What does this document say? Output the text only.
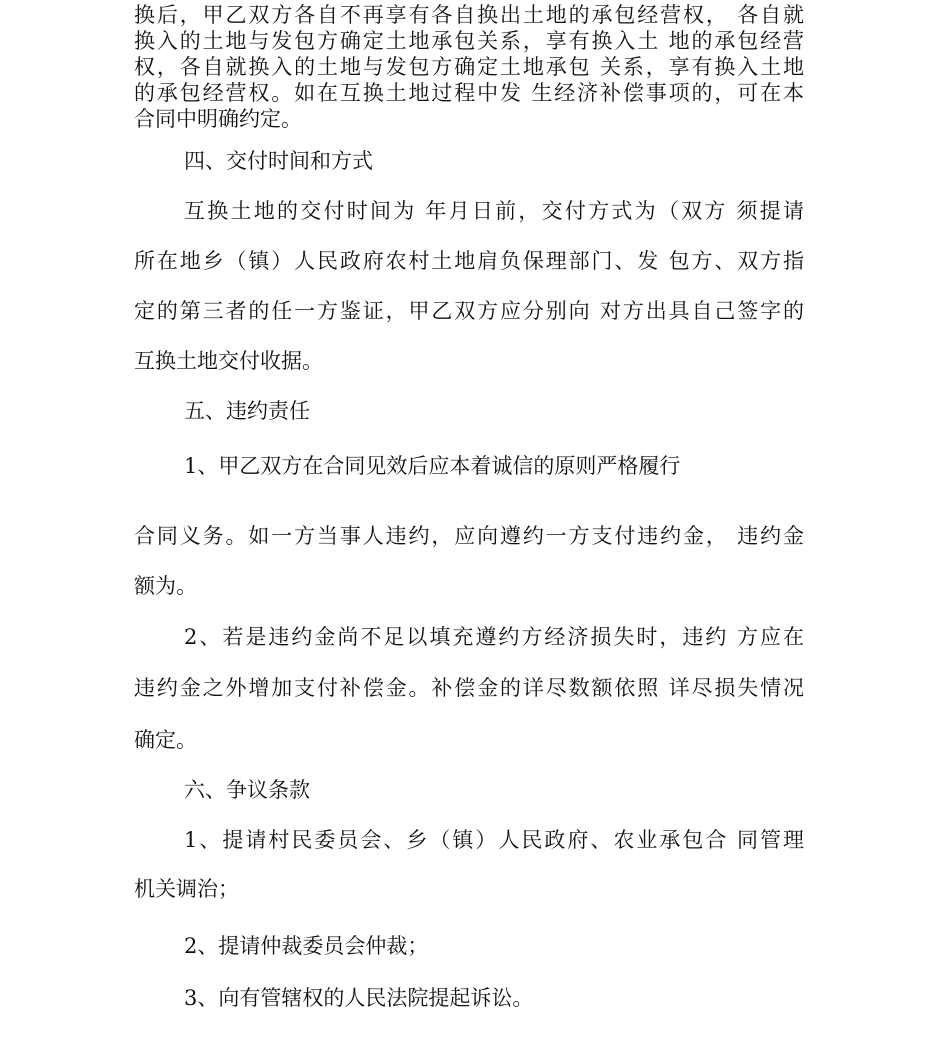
换后，甲乙双方各自不再享有各自换出土地的承包经营权， 各自就
换入的土地与发包方确定土地承包关系，享有换入土 地的承包经营
权，各自就换入的土地与发包方确定土地承包 关系，享有换入土地
的承包经营权。如在互换土地过程中发 生经济补偿事项的，可在本
合同中明确约定。
四、交付时间和方式
互换土地的交付时间为 年月日前，交付方式为（双方 须提请
所在地乡（镇）人民政府农村土地肩负保理部门、发 包方、双方指
定的第三者的任一方鉴证，甲乙双方应分别向 对方出具自己签字的
互换土地交付收据。
五、违约责任
1、甲乙双方在合同见效后应本着诚信的原则严格履行
合同义务。如一方当事人违约，应向遵约一方支付违约金， 违约金
额为。
2、若是违约金尚不足以填充遵约方经济损失时，违约 方应在
违约金之外增加支付补偿金。补偿金的详尽数额依照 详尽损失情况
确定。
六、争议条款
1、提请村民委员会、乡（镇）人民政府、农业承包合 同管理
机关调治；
2、提请仲裁委员会仲裁；
3、向有管辖权的人民法院提起诉讼。
